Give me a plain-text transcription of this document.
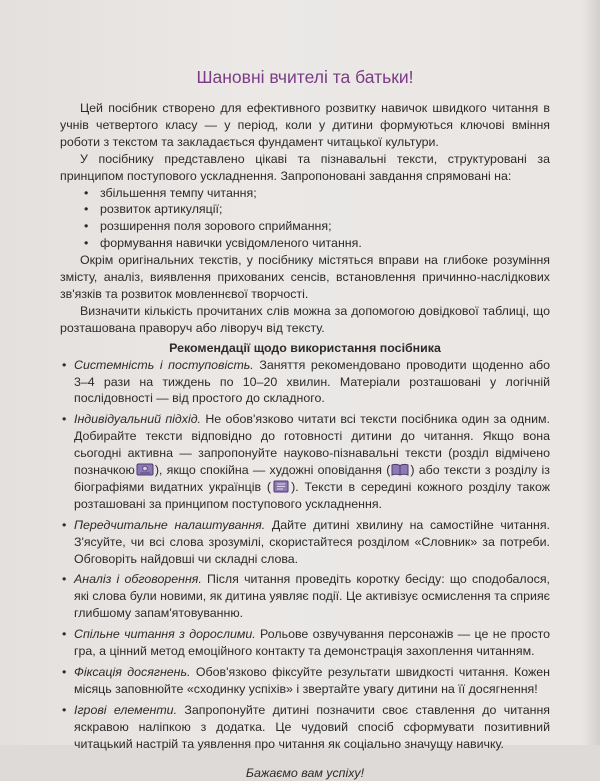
Шановні вчителі та батьки!

Цей посібник створено для ефективного розвитку навичок швидкого читання в учнів четвертого класу — у період, коли у дитини формуються ключові вміння роботи з текстом та закладається фундамент читацької культури.

У посібнику представлено цікаві та пізнавальні тексти, структуровані за принципом поступового ускладнення. Запропоновані завдання спрямовані на:

• збільшення темпу читання;
• розвиток артикуляції;
• розширення поля зорового сприймання;
• формування навички усвідомленого читання.

Окрім оригінальних текстів, у посібнику містяться вправи на глибоке розуміння змісту, аналіз, виявлення прихованих сенсів, встановлення причинно-наслідкових зв'язків та розвиток мовленнєвої творчості.

Визначити кількість прочитаних слів можна за допомогою довідкової таблиці, що розташована праворуч або ліворуч від тексту.

Рекомендації щодо використання посібника
• Системність і поступовість. Заняття рекомендовано проводити щоденно або 3–4 рази на тиждень по 10–20 хвилин. Матеріали розташовані у логічній послідовності — від простого до складного.
• Індивідуальний підхід. Не обов'язково читати всі тексти посібника один за одним. Добирайте тексти відповідно до готовності дитини до читання. Якщо вона сьогодні активна — запропонуйте науково-пізнавальні тексти (розділ відмічено позначкою ), якщо спокійна — художні оповідання ( ) або тексти з розділу із біографіями видатних українців ( ). Тексти в середині кожного розділу також розташовані за принципом поступового ускладнення.
• Передчитальне налаштування. Дайте дитині хвилину на самостійне читання. З'ясуйте, чи всі слова зрозумілі, скористайтеся розділом «Словник» за потреби. Обговоріть найдовші чи складні слова.
• Аналіз і обговорення. Після читання проведіть коротку бесіду: що сподобалося, які слова були новими, як дитина уявляє події. Це активізує осмислення та сприяє глибшому запам'ятовуванню.
• Спільне читання з дорослими. Рольове озвучування персонажів — це не просто гра, а цінний метод емоційного контакту та демонстрація захоплення читанням.
• Фіксація досягнень. Обов'язково фіксуйте результати швидкості читання. Кожен місяць заповнюйте «сходинку успіхів» і звертайте увагу дитини на її досягнення!
• Ігрові елементи. Запропонуйте дитині позначити своє ставлення до читання яскравою наліпкою з додатка. Це чудовий спосіб сформувати позитивний читацький настрій та уявлення про читання як соціально значущу навичку.

Бажаємо вам успіху!
